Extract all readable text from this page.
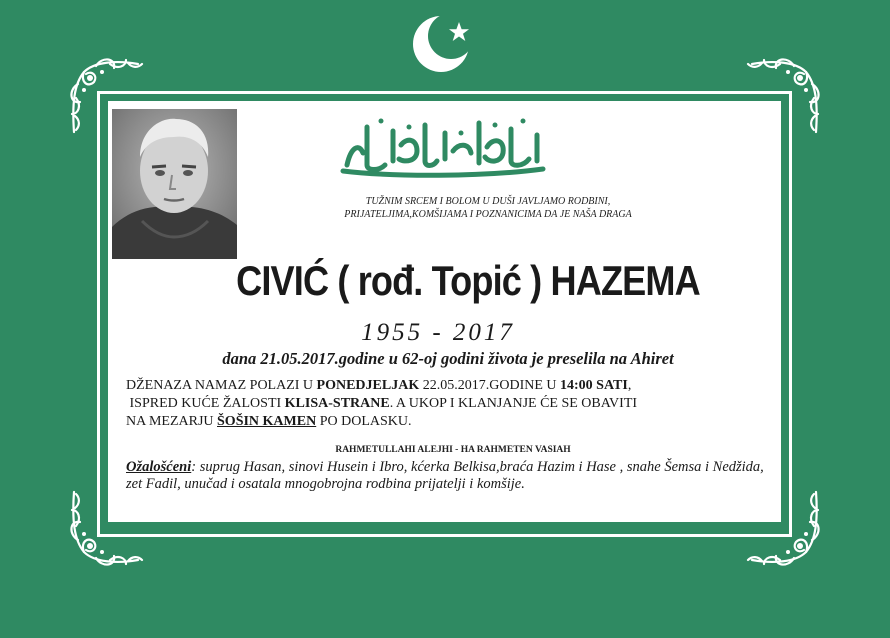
TUŽNIM SRCEM I BOLOM U DUŠI JAVLJAMO RODBINI,
PRIJATELJIMA,KOMŠIJAMA I POZNANICIMA DA JE NAŠA DRAGA
CIVIĆ ( rođ. Topić ) HAZEMA
1955 - 2017
dana 21.05.2017.godine u 62-oj godini života je preselila na Ahiret
DŽENAZA NAMAZ POLAZI U PONEDJELJAK 22.05.2017.GODINE U 14:00 SATI,
ISPRED KUĆE ŽALOSTI KLISA-STRANE. A UKOP I KLANJANJE ĆE SE OBAVITI
NA MEZARJU ŠOŠIN KAMEN PO DOLASKU.
RAHMETULLAHI ALEJHI - HA RAHMETEN VASIAH
Ožalošćeni: suprug Hasan, sinovi Husein i Ibro, kćerka Belkisa,braća Hazim i Hase , snahe Šemsa i Nedžida, zet Fadil, unučad i osatala mnogobrojna rodbina prijatelji i komšije.
